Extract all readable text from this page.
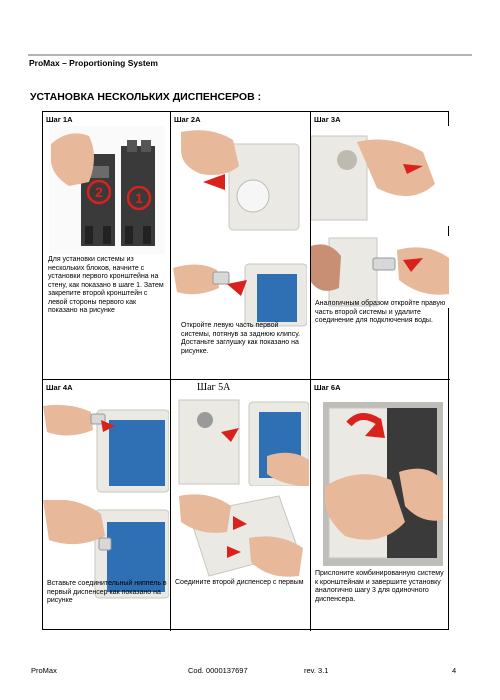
ProMax – Proportioning System
УСТАНОВКА НЕСКОЛЬКИХ ДИСПЕНСЕРОВ :
Шаг 1A
2 1
Для установки системы из нескольких блоков, начните с установки первого кронштейна на стену, как показано в шаге 1. Затем закрепите второй кронштейн с левой стороны первого как показано на рисунке
Шаг 2A
Откройте левую часть первой системы, потянув за заднюю клипсу. Достаньте заглушку как показано на рисунке.
Шаг 3A
Аналогичным образом откройте правую часть второй системы и удалите соединение для подключения воды.
Шаг 4A
Вставьте соединительный ниппель в первый диспенсер как показано на рисунке
Шаг 5A
Соедините второй диспенсер с первым
Шаг 6A
Прислоните комбинированную систему к кронштейнам и завершите установку аналогично шагу 3 для одиночного диспенсера.
ProMax	Cod. 0000137697	rev. 3.1	4
